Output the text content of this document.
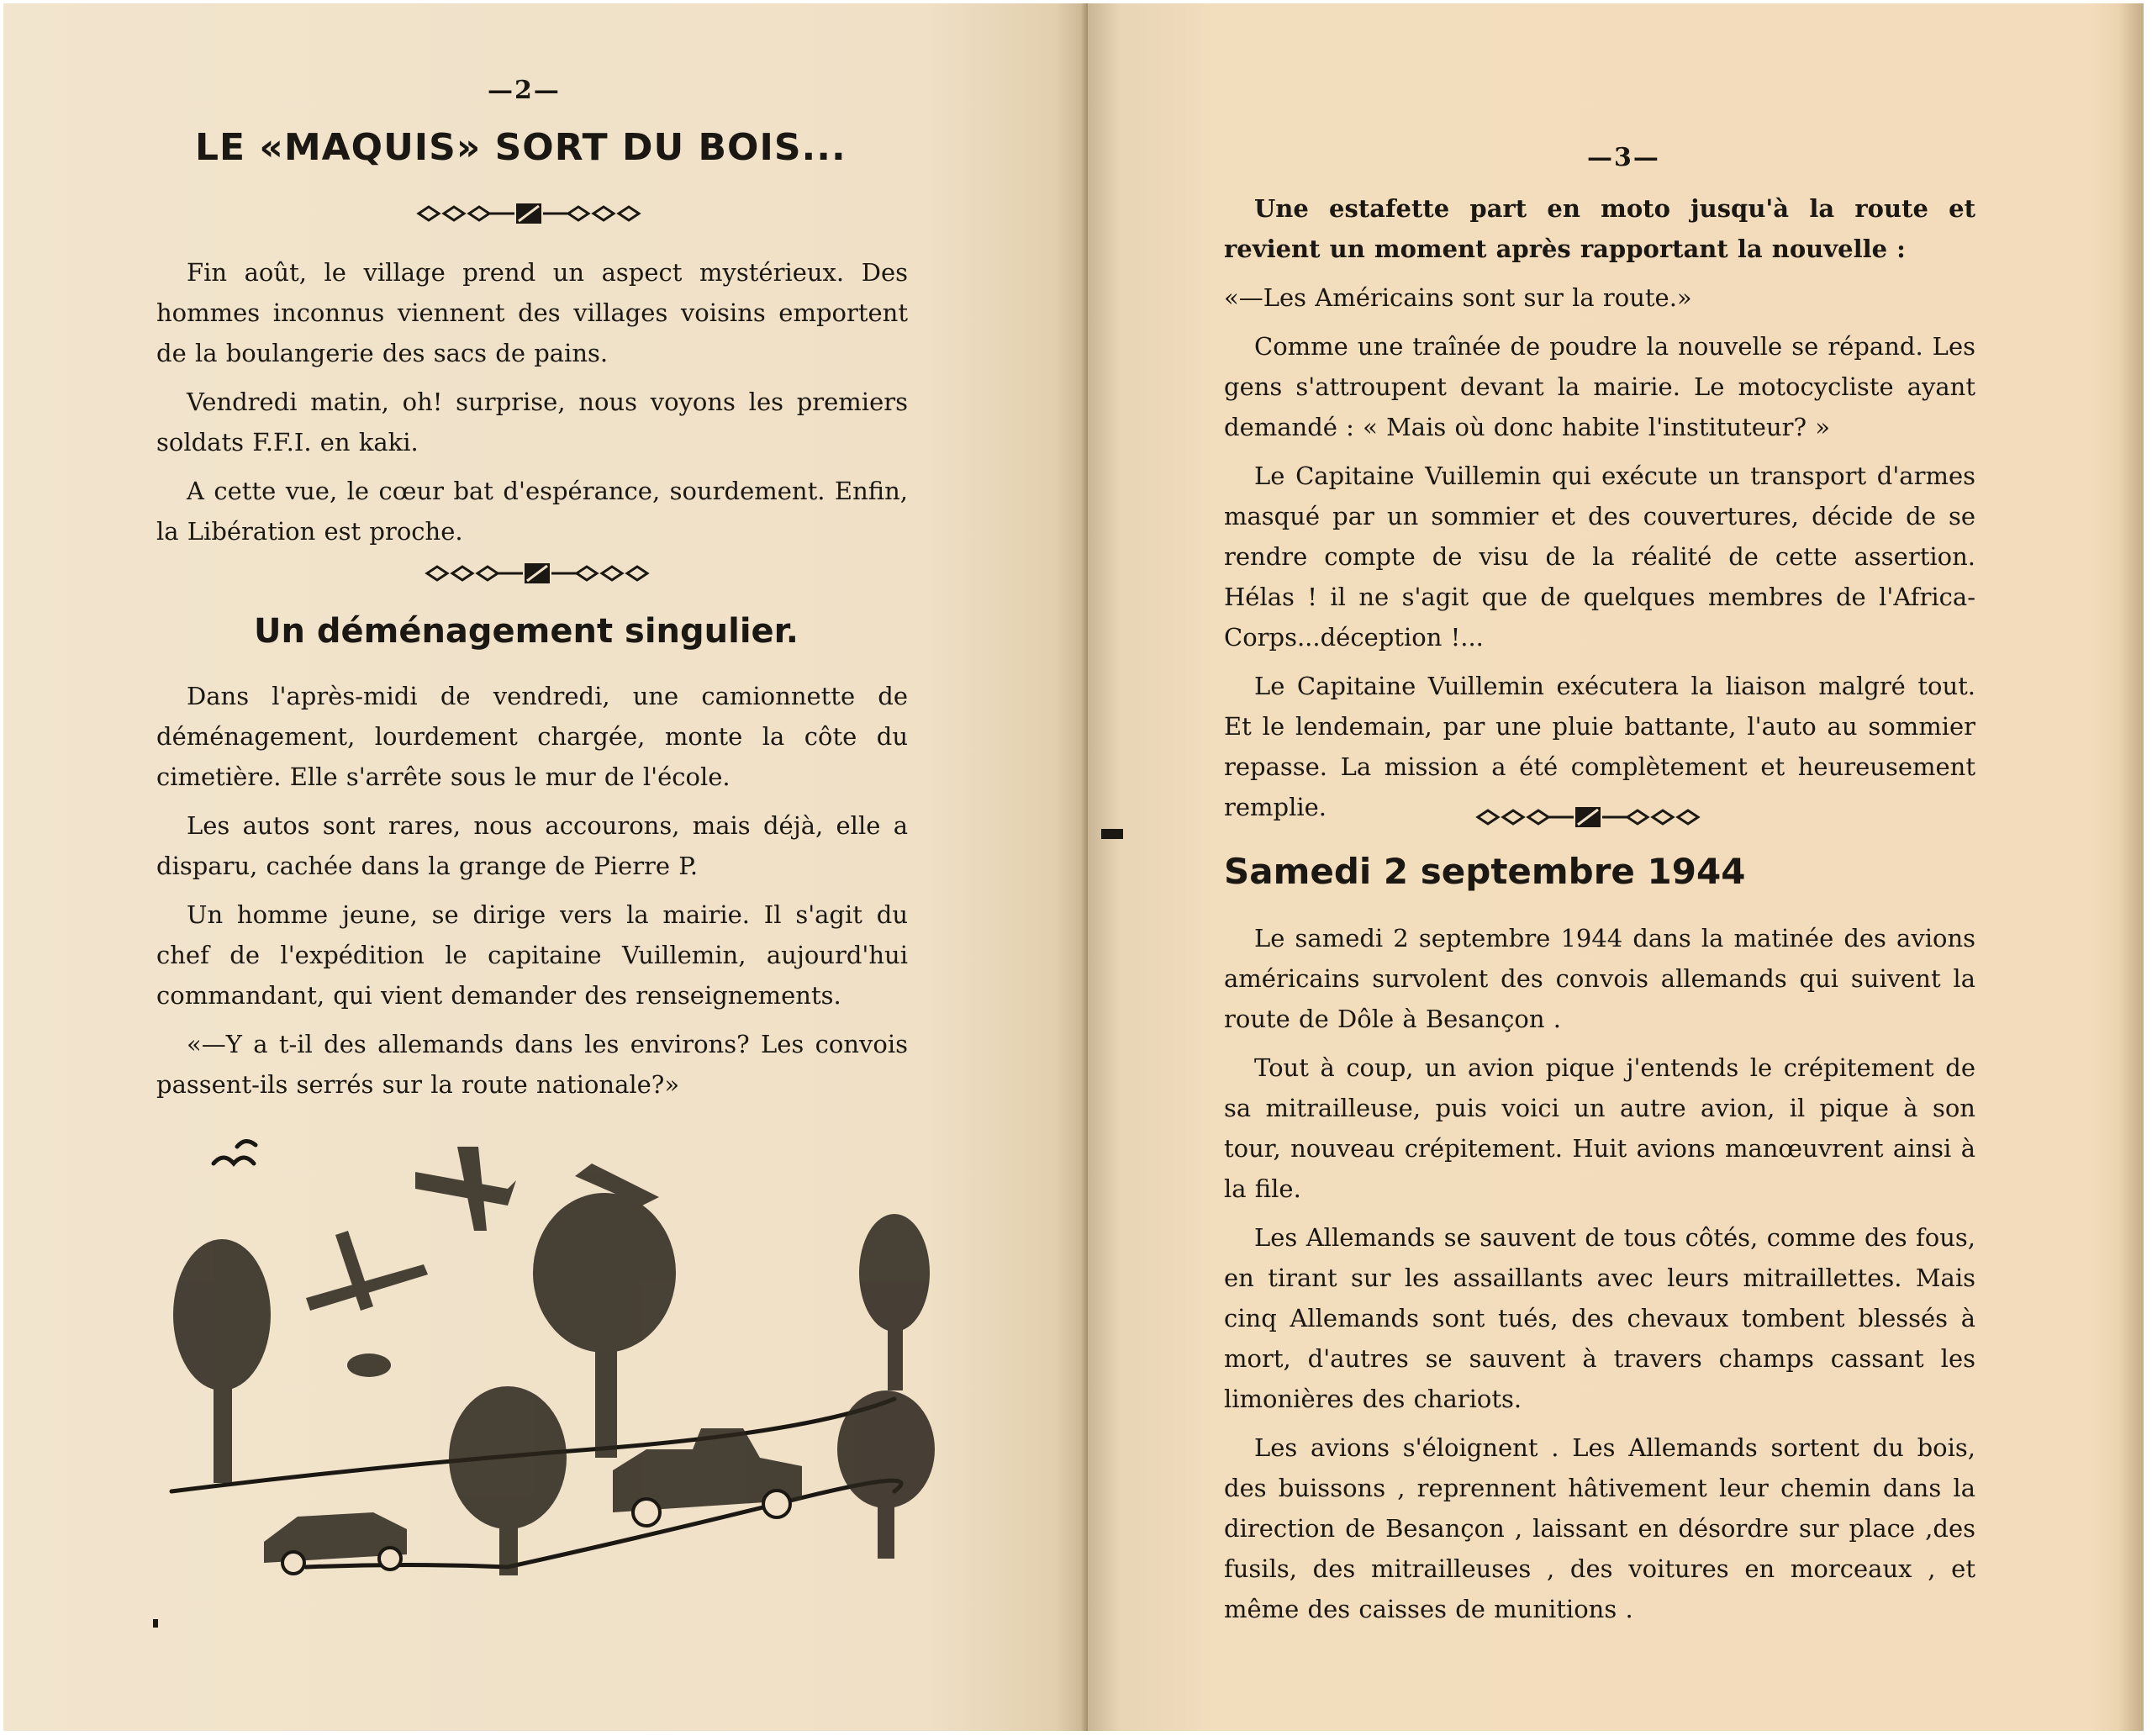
—2—
LE «MAQUIS» SORT DU BOIS...

Fin août, le village prend un aspect mystérieux. Des hommes inconnus viennent des villages voisins emportent de la boulangerie des sacs de pains.

Vendredi matin, oh! surprise, nous voyons les premiers soldats F.F.I. en kaki.

A cette vue, le cœur bat d'espérance, sourdement. Enfin, la Libération est proche.

Un déménagement singulier.

Dans l'après-midi de vendredi, une camionnette de déménagement, lourdement chargée, monte la côte du cimetière. Elle s'arrête sous le mur de l'école.

Les autos sont rares, nous accourons, mais déjà, elle a disparu, cachée dans la grange de Pierre P.

Un homme jeune, se dirige vers la mairie. Il s'agit du chef de l'expédition le capitaine Vuillemin, aujourd'hui commandant, qui vient demander des renseignements.

«—Y a t-il des allemands dans les environs? Les convois passent-ils serrés sur la route nationale?»

—3—

Une estafette part en moto jusqu'à la route et revient un moment après rapportant la nouvelle :

«—Les Américains sont sur la route.»

Comme une traînée de poudre la nouvelle se répand. Les gens s'attroupent devant la mairie. Le motocycliste ayant demandé : « Mais où donc habite l'instituteur? »

Le Capitaine Vuillemin qui exécute un transport d'armes masqué par un sommier et des couvertures, décide de se rendre compte de visu de la réalité de cette assertion. Hélas ! il ne s'agit que de quelques membres de l'Africa-Corps...déception !...

Le Capitaine Vuillemin exécutera la liaison malgré tout. Et le lendemain, par une pluie battante, l'auto au sommier repasse. La mission a été complètement et heureusement remplie.

Samedi 2 septembre 1944

Le samedi 2 septembre 1944 dans la matinée des avions américains survolent des convois allemands qui suivent la route de Dôle à Besançon .

Tout à coup, un avion pique j'entends le crépitement de sa mitrailleuse, puis voici un autre avion, il pique à son tour, nouveau crépitement. Huit avions manœuvrent ainsi à la file.

Les Allemands se sauvent de tous côtés, comme des fous, en tirant sur les assaillants avec leurs mitraillettes. Mais cinq Allemands sont tués, des chevaux tombent blessés à mort, d'autres se sauvent à travers champs cassant les limonières des chariots.

Les avions s'éloignent . Les Allemands sortent du bois, des buissons , reprennent hâtivement leur chemin dans la direction de Besançon , laissant en désordre sur place ,des fusils, des mitrailleuses , des voitures en morceaux , et même des caisses de munitions .
